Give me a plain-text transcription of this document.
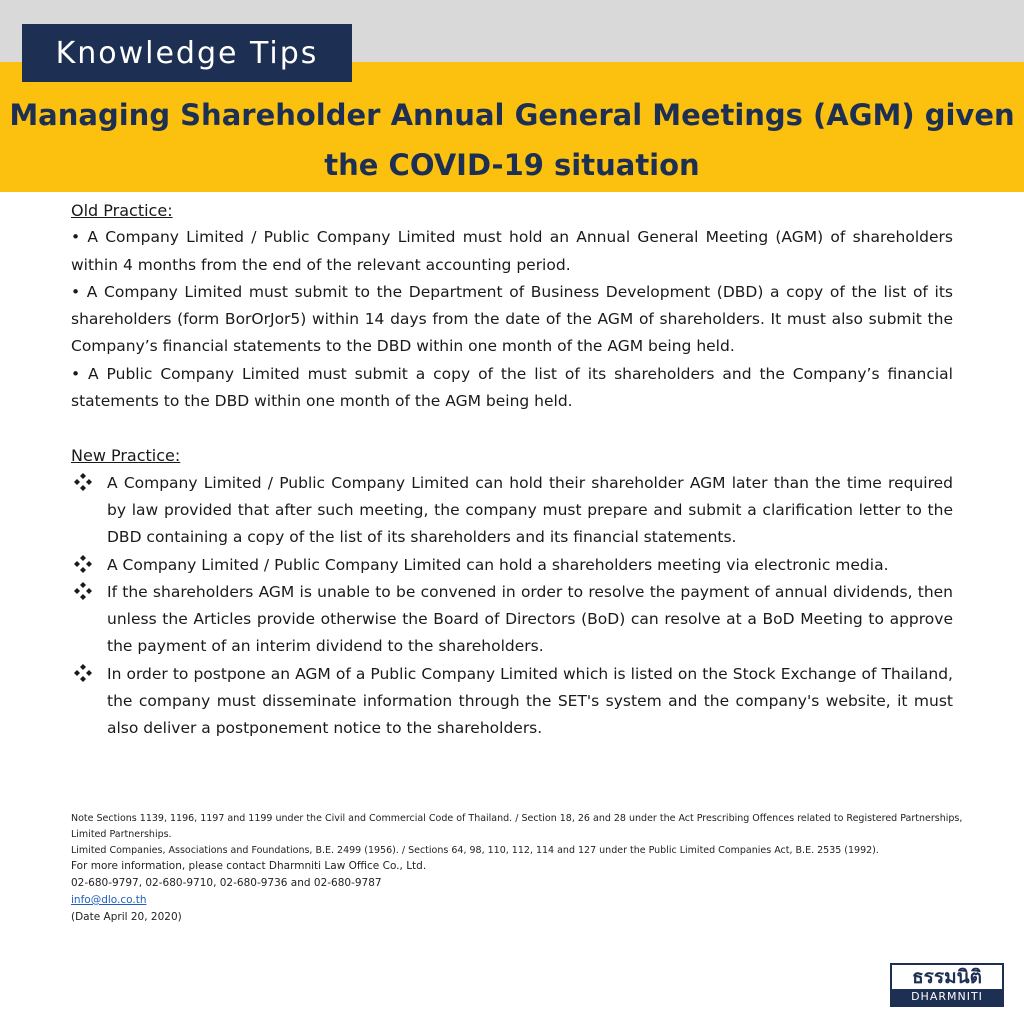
Knowledge Tips
Managing Shareholder Annual General Meetings (AGM) given
the COVID-19 situation
Old Practice:
• A Company Limited / Public Company Limited must hold an Annual General Meeting (AGM) of shareholders within 4 months from the end of the relevant accounting period.
• A Company Limited must submit to the Department of Business Development (DBD) a copy of the list of its shareholders (form BorOrJor5) within 14 days from the date of the AGM of shareholders. It must also submit the Company’s financial statements to the DBD within one month of the AGM being held.
• A Public Company Limited must submit a copy of the list of its shareholders and the Company’s financial statements to the DBD within one month of the AGM being held.
New Practice:
A Company Limited / Public Company Limited can hold their shareholder AGM later than the time required by law provided that after such meeting, the company must prepare and submit a clarification letter to the DBD containing a copy of the list of its shareholders and its financial statements.
A Company Limited / Public Company Limited can hold a shareholders meeting via electronic media.
If the shareholders AGM is unable to be convened in order to resolve the payment of annual dividends, then unless the Articles provide otherwise the Board of Directors (BoD) can resolve at a BoD Meeting to approve the payment of an interim dividend to the shareholders.
In order to postpone an AGM of a Public Company Limited which is listed on the Stock Exchange of Thailand, the company must disseminate information through the SET's system and the company's website, it must also deliver a postponement notice to the shareholders.
Note Sections 1139, 1196, 1197 and 1199 under the Civil and Commercial Code of Thailand. / Section 18, 26 and 28 under the Act Prescribing Offences related to Registered Partnerships, Limited Partnerships.
Limited Companies, Associations and Foundations, B.E. 2499 (1956). / Sections 64, 98, 110, 112, 114 and 127 under the Public Limited Companies Act, B.E. 2535 (1992).
For more information, please contact Dharmniti Law Office Co., Ltd.
02-680-9797, 02-680-9710, 02-680-9736 and 02-680-9787
info@dlo.co.th
(Date April 20, 2020)
ธรรมนิติ
DHARMNITI
